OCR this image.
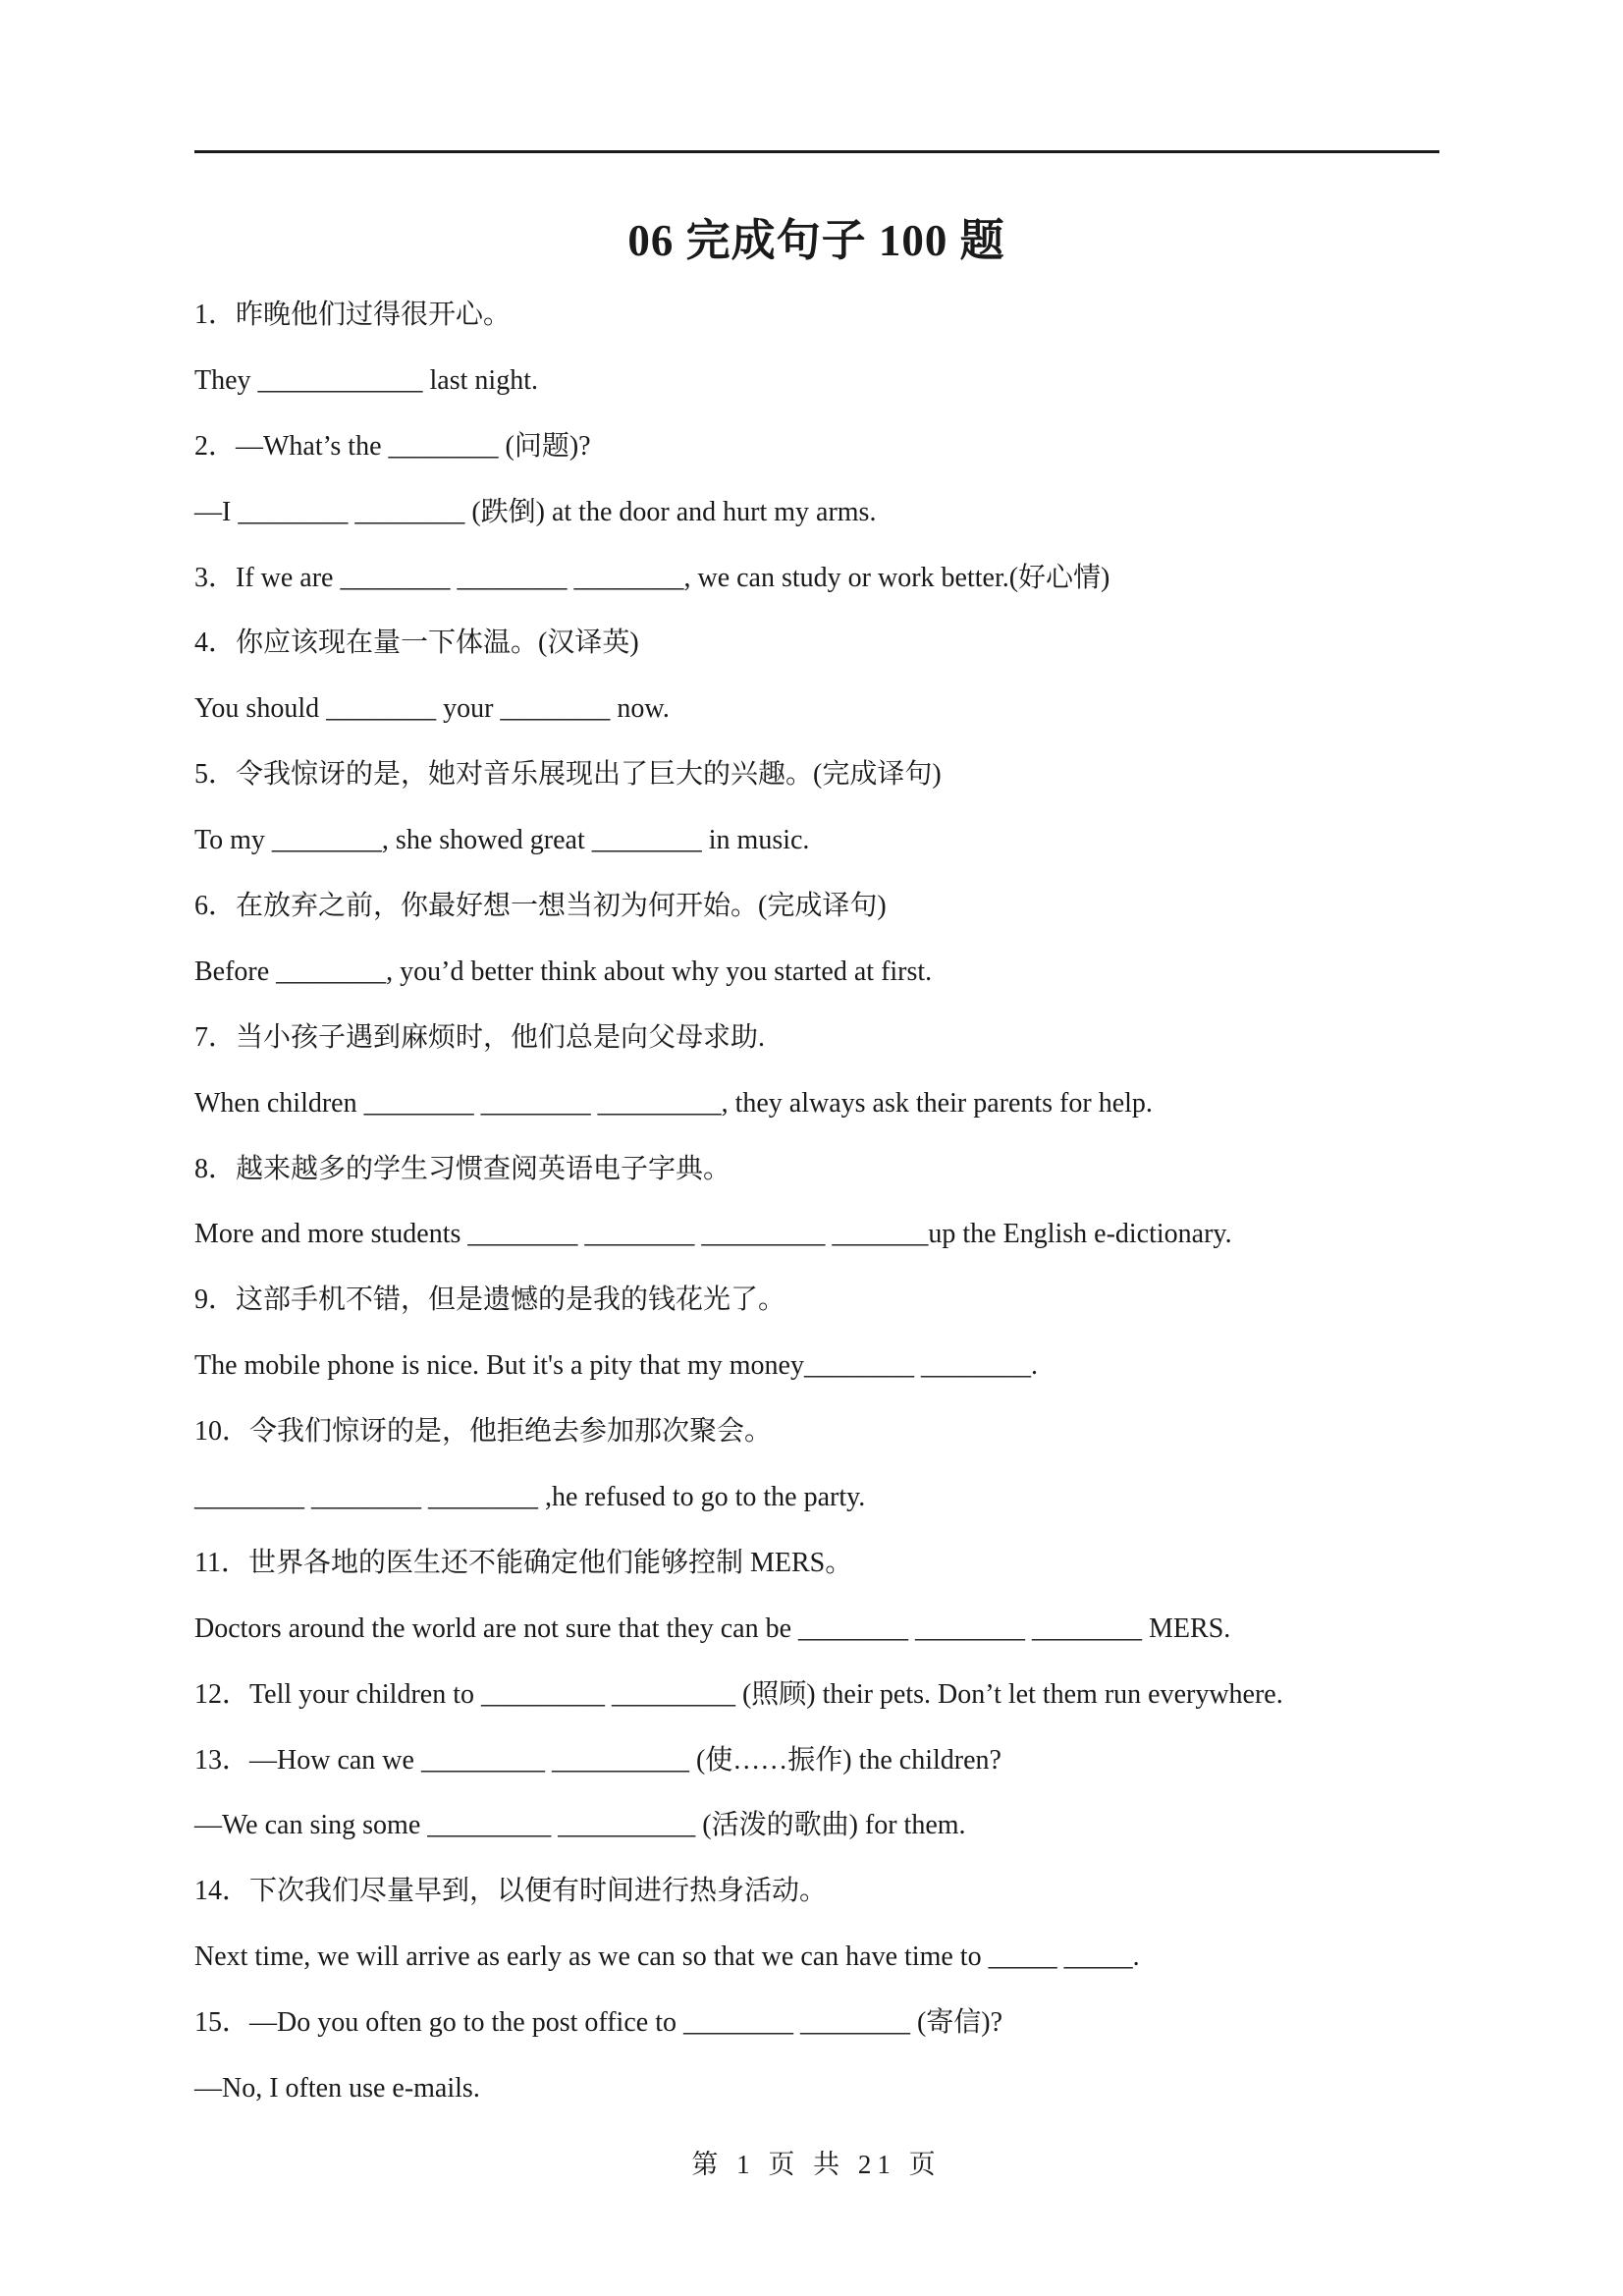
06 完成句子 100 题
1．昨晚他们过得很开心。
They ____________ last night.
2．—What’s the ________ (问题)?
—I ________ ________ (跌倒) at the door and hurt my arms.
3．If we are ________ ________ ________, we can study or work better.(好心情)
4．你应该现在量一下体温。(汉译英)
You should ________ your ________ now.
5．令我惊讶的是，她对音乐展现出了巨大的兴趣。(完成译句)
To my ________, she showed great ________ in music.
6．在放弃之前，你最好想一想当初为何开始。(完成译句)
Before ________, you’d better think about why you started at first.
7．当小孩子遇到麻烦时，他们总是向父母求助.
When children ________ ________ _________, they always ask their parents for help.
8．越来越多的学生习惯查阅英语电子字典。
More and more students ________ ________ _________ _______up the English e-dictionary.
9．这部手机不错，但是遗憾的是我的钱花光了。
The mobile phone is nice. But it's a pity that my money________ ________.
10．令我们惊讶的是，他拒绝去参加那次聚会。
________ ________ ________ ,he refused to go to the party.
11．世界各地的医生还不能确定他们能够控制 MERS。
Doctors around the world are not sure that they can be ________ ________ ________ MERS.
12．Tell your children to _________ _________ (照顾) their pets. Don’t let them run everywhere.
13．—How can we _________ __________ (使……振作) the children?
—We can sing some _________ __________ (活泼的歌曲) for them.
14．下次我们尽量早到，以便有时间进行热身活动。
Next time, we will arrive as early as we can so that we can have time to _____ _____.
15．—Do you often go to the post office to ________ ________ (寄信)?
—No, I often use e-mails.
第 1 页 共 21 页
